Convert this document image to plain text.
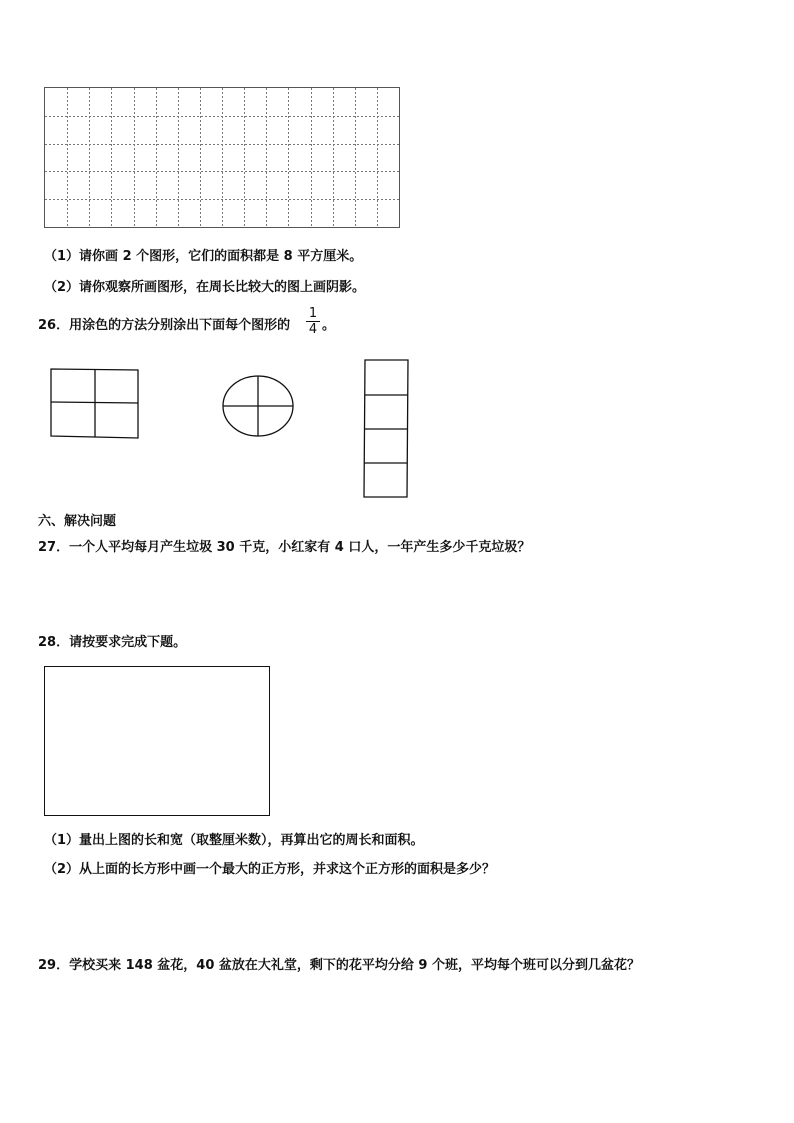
（1）请你画 2 个图形，它们的面积都是 8 平方厘米。
（2）请你观察所画图形，在周长比较大的图上画阴影。
26．用涂色的方法分别涂出下面每个图形的
1
4 。
六、解决问题
27．一个人平均每月产生垃圾 30 千克，小红家有 4 口人，一年产生多少千克垃圾？
28．请按要求完成下题。
（1）量出上图的长和宽（取整厘米数），再算出它的周长和面积。
（2）从上面的长方形中画一个最大的正方形，并求这个正方形的面积是多少？
29．学校买来 148 盆花，40 盆放在大礼堂，剩下的花平均分给 9 个班，平均每个班可以分到几盆花？
